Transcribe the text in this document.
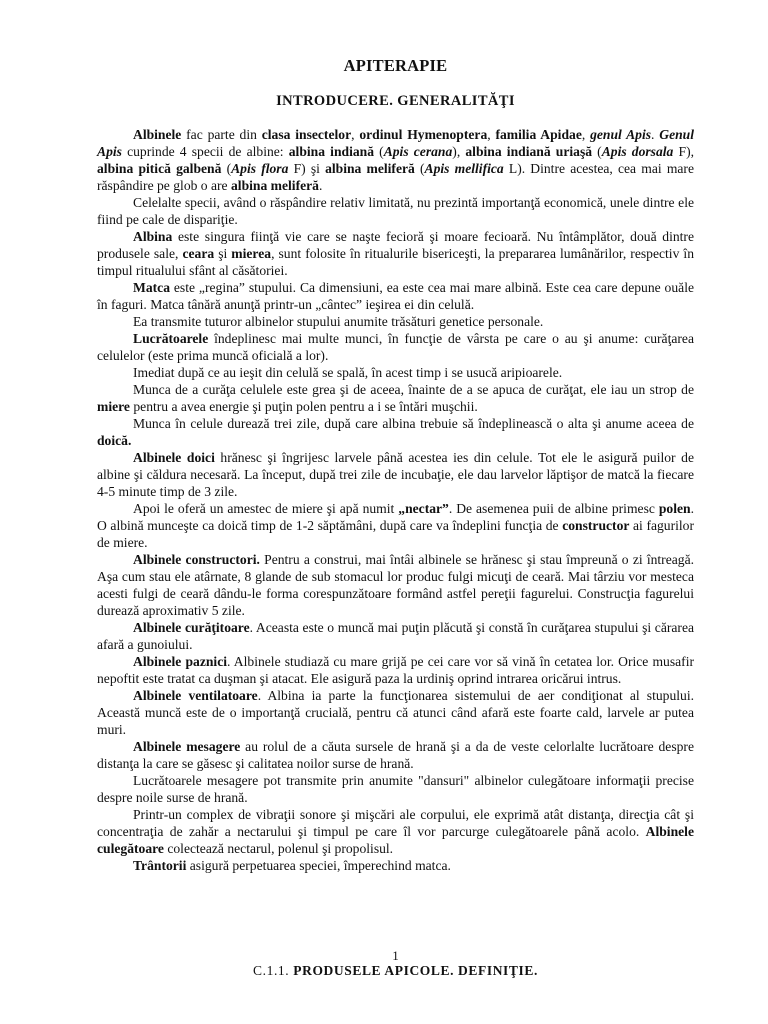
APITERAPIE
INTRODUCERE. GENERALITĂŢI

Albinele fac parte din clasa insectelor, ordinul Hymenoptera, familia Apidae, genul Apis. Genul Apis cuprinde 4 specii de albine: albina indiană (Apis cerana), albina indiană uriaşă (Apis dorsala F), albina pitică galbenă (Apis flora F) şi albina meliferă (Apis mellifica L). Dintre acestea, cea mai mare răspândire pe glob o are albina meliferă.

Celelalte specii, având o răspândire relativ limitată, nu prezintă importanţă economică, unele dintre ele fiind pe cale de dispariţie.

Albina este singura fiinţă vie care se naşte fecioră şi moare fecioară. Nu întâmplător, două dintre produsele sale, ceara şi mierea, sunt folosite în ritualurile bisericeşti, la prepararea lumânărilor, respectiv în timpul ritualului sfânt al căsătoriei.

Matca este „regina” stupului. Ca dimensiuni, ea este cea mai mare albină. Este cea care depune ouăle în faguri. Matca tânără anunţă printr-un „cântec” ieşirea ei din celulă.

Ea transmite tuturor albinelor stupului anumite trăsături genetice personale.

Lucrătoarele îndeplinesc mai multe munci, în funcţie de vârsta pe care o au şi anume: curăţarea celulelor (este prima muncă oficială a lor).

Imediat după ce au ieşit din celulă se spală, în acest timp i se usucă aripioarele.

Munca de a curăţa celulele este grea şi de aceea, înainte de a se apuca de curăţat, ele iau un strop de miere pentru a avea energie şi puţin polen pentru a i se întări muşchii.

Munca în celule durează trei zile, după care albina trebuie să îndeplinească o alta şi anume aceea de doică.

Albinele doici hrănesc şi îngrijesc larvele până acestea ies din celule. Tot ele le asigură puilor de albine şi căldura necesară. La început, după trei zile de incubaţie, ele dau larvelor lăptişor de matcă la fiecare 4-5 minute timp de 3 zile.

Apoi le oferă un amestec de miere şi apă numit „nectar”. De asemenea puii de albine primesc polen. O albină munceşte ca doică timp de 1-2 săptămâni, după care va îndeplini funcţia de constructor ai fagurilor de miere.

Albinele constructori. Pentru a construi, mai întâi albinele se hrănesc şi stau împreună o zi întreagă. Aşa cum stau ele atârnate, 8 glande de sub stomacul lor produc fulgi micuţi de ceară. Mai târziu vor mesteca acesti fulgi de ceară dându-le forma corespunzătoare formând astfel pereţii fagurelui. Construcţia fagurelui durează aproximativ 5 zile.

Albinele curăţitoare. Aceasta este o muncă mai puţin plăcută şi constă în curăţarea stupului şi cărarea afară a gunoiului.

Albinele paznici. Albinele studiază cu mare grijă pe cei care vor să vină în cetatea lor. Orice musafir nepoftit este tratat ca duşman şi atacat. Ele asigură paza la urdiniş oprind intrarea oricărui intrus.

Albinele ventilatoare. Albina ia parte la funcţionarea sistemului de aer condiţionat al stupului. Această muncă este de o importanţă crucială, pentru că atunci când afară este foarte cald, larvele ar putea muri.

Albinele mesagere au rolul de a căuta sursele de hrană şi a da de veste celorlalte lucrătoare despre distanţa la care se găsesc şi calitatea noilor surse de hrană.

Lucrătoarele mesagere pot transmite prin anumite "dansuri" albinelor culegătoare informaţii precise despre noile surse de hrană.

Printr-un complex de vibraţii sonore şi mişcări ale corpului, ele exprimă atât distanţa, direcţia cât şi concentraţia de zahăr a nectarului şi timpul pe care îl vor parcurge culegătoarele până acolo. Albinele culegătoare colectează nectarul, polenul şi propolisul.

Trântorii asigură perpetuarea speciei, împerechind matca.

1
C.1.1. PRODUSELE APICOLE. DEFINIŢIE.
